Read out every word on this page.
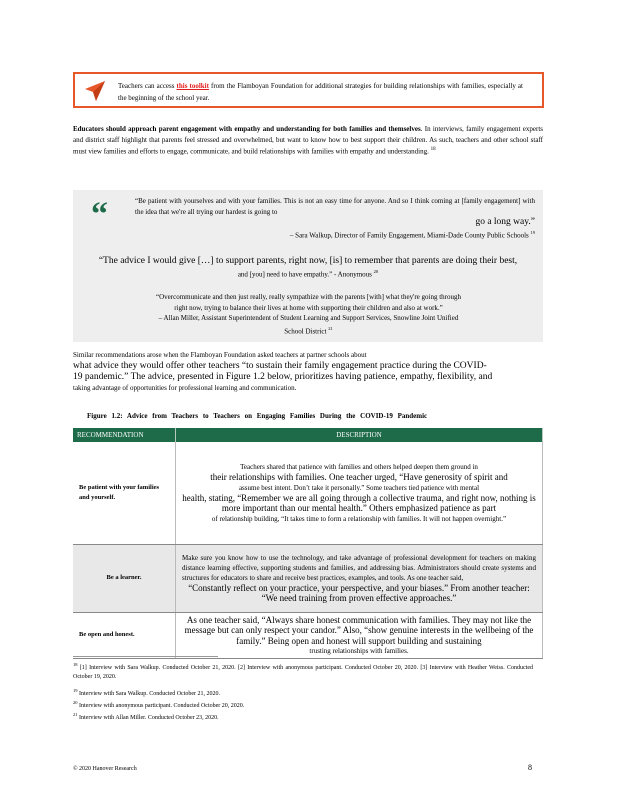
Teachers can access this toolkit from the Flamboyan Foundation for additional strategies for building relationships with families, especially at the beginning of the school year.
Educators should approach parent engagement with empathy and understanding for both families and themselves. In interviews, family engagement experts and district staff highlight that parents feel stressed and overwhelmed, but want to know how to best support their children. As such, teachers and other school staff must view families and efforts to engage, communicate, and build relationships with families with empathy and understanding. $^{18}$
“	“Be patient with yourselves and with your families. This is not an easy time for anyone. And so I think coming at [family engagement] with the idea that we're all trying our hardest is going to
go a long way.”
– Sara Walkup, Director of Family Engagement, Miami-Dade County Public Schools $^{19}$
“The advice I would give […] to support parents, right now, [is] to remember that parents are doing their best,
and [you] need to have empathy.” - Anonymous $^{20}$
“Overcommunicate and then just really, really sympathize with the parents [with] what they're going through
right now, trying to balance their lives at home with supporting their children and also at work.”
– Allan Miller, Assistant Superintendent of Student Learning and Support Services, Snowline Joint Unified
School District $^{21}$
Similar recommendations arose when the Flamboyan Foundation asked teachers at partner schools about
what advice they would offer other teachers “to sustain their family engagement practice during the COVID-
19 pandemic.” The advice, presented in Figure 1.2 below, prioritizes having patience, empathy, flexibility, and
taking advantage of opportunities for professional learning and communication.
Figure 1.2: Advice from Teachers to Teachers on Engaging Families During the COVID-19 Pandemic
RECOMMENDATION	DESCRIPTION
Be patient with your families and yourself.	Teachers shared that patience with families and others helped deepen them ground in
their relationships with families. One teacher urged, “Have generosity of spirit and
assume best intent. Don’t take it personally.” Some teachers tied patience with mental
health, stating, “Remember we are all going through a collective trauma, and right now, nothing is more important than our mental health.” Others emphasized patience as part
of relationship building, “It takes time to form a relationship with families. It will not happen overnight.”

Be a learner.	Make sure you know how to use the technology, and take advantage of professional development for teachers on making distance learning effective, supporting students and families, and addressing bias. Administrators should create systems and structures for educators to share and receive best practices, examples, and tools. As one teacher said,
“Constantly reflect on your practice, your perspective, and your biases.” From another teacher: “We need training from proven effective approaches.”

Be open and honest.	As one teacher said, “Always share honest communication with families. They may not like the message but can only respect your candor.” Also, “show genuine interests in the wellbeing of the family.” Being open and honest will support building and sustaining
trusting relationships with families.
$^{18}$ [1] Interview with Sara Walkup. Conducted October 21, 2020. [2] Interview with anonymous participant. Conducted October 20, 2020. [3] Interview with Heather Weiss. Conducted October 19, 2020.
$^{19}$ Interview with Sara Walkup. Conducted October 21, 2020.
$^{20}$ Interview with anonymous participant. Conducted October 20, 2020.
$^{21}$ Interview with Allan Miller. Conducted October 23, 2020.
© 2020 Hanover Research	8
